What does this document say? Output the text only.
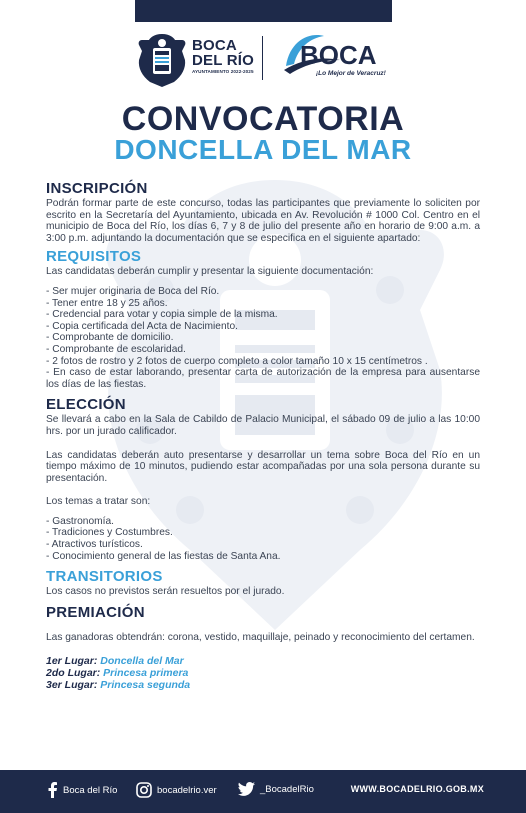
BOCA
DEL RÍO
AYUNTAMIENTO 2022-2025
BOCA
¡Lo Mejor de Veracruz!
CONVOCATORIA
DONCELLA DEL MAR
INSCRIPCIÓN

Podrán formar parte de este concurso, todas las participantes que previamente lo soliciten por escrito en la Secretaría del Ayuntamiento, ubicada en Av. Revolución # 1000 Col. Centro en el municipio de Boca del Río, los días 6, 7 y 8 de julio del presente año en horario de 9:00 a.m. a 3:00 p.m. adjuntando la documentación que se especifica en el siguiente apartado:

REQUISITOS

Las candidatas deberán cumplir y presentar la siguiente documentación:

- Ser mujer originaria de Boca del Río.
- Tener entre 18 y 25 años.
- Credencial para votar y copia simple de la misma.
- Copia certificada del Acta de Nacimiento.
- Comprobante de domicilio.
- Comprobante de escolaridad.
- 2 fotos de rostro y 2 fotos de cuerpo completo a color tamaño 10 x 15 centímetros .
- En caso de estar laborando, presentar carta de autorización de la empresa para ausentarse los días de las fiestas.
ELECCIÓN

Se llevará a cabo en la Sala de Cabildo de Palacio Municipal, el sábado 09 de julio a las 10:00 hrs. por un jurado calificador.

Las candidatas deberán auto presentarse y desarrollar un tema sobre Boca del Río en un tiempo máximo de 10 minutos, pudiendo estar acompañadas por una sola persona durante su presentación.

Los temas a tratar son:

- Gastronomía.
- Tradiciones y Costumbres.
- Atractivos turísticos.
- Conocimiento general de las fiestas de Santa Ana.
TRANSITORIOS

Los casos no previstos serán resueltos por el jurado.

PREMIACIÓN

Las ganadoras obtendrán: corona, vestido, maquillaje, peinado y reconocimiento del certamen.

1er Lugar: Doncella del Mar
2do Lugar: Princesa primera
3er Lugar: Princesa segunda
Boca del Río	bocadelrio.ver	_BocadelRio	WWW.BOCADELRIO.GOB.MX
